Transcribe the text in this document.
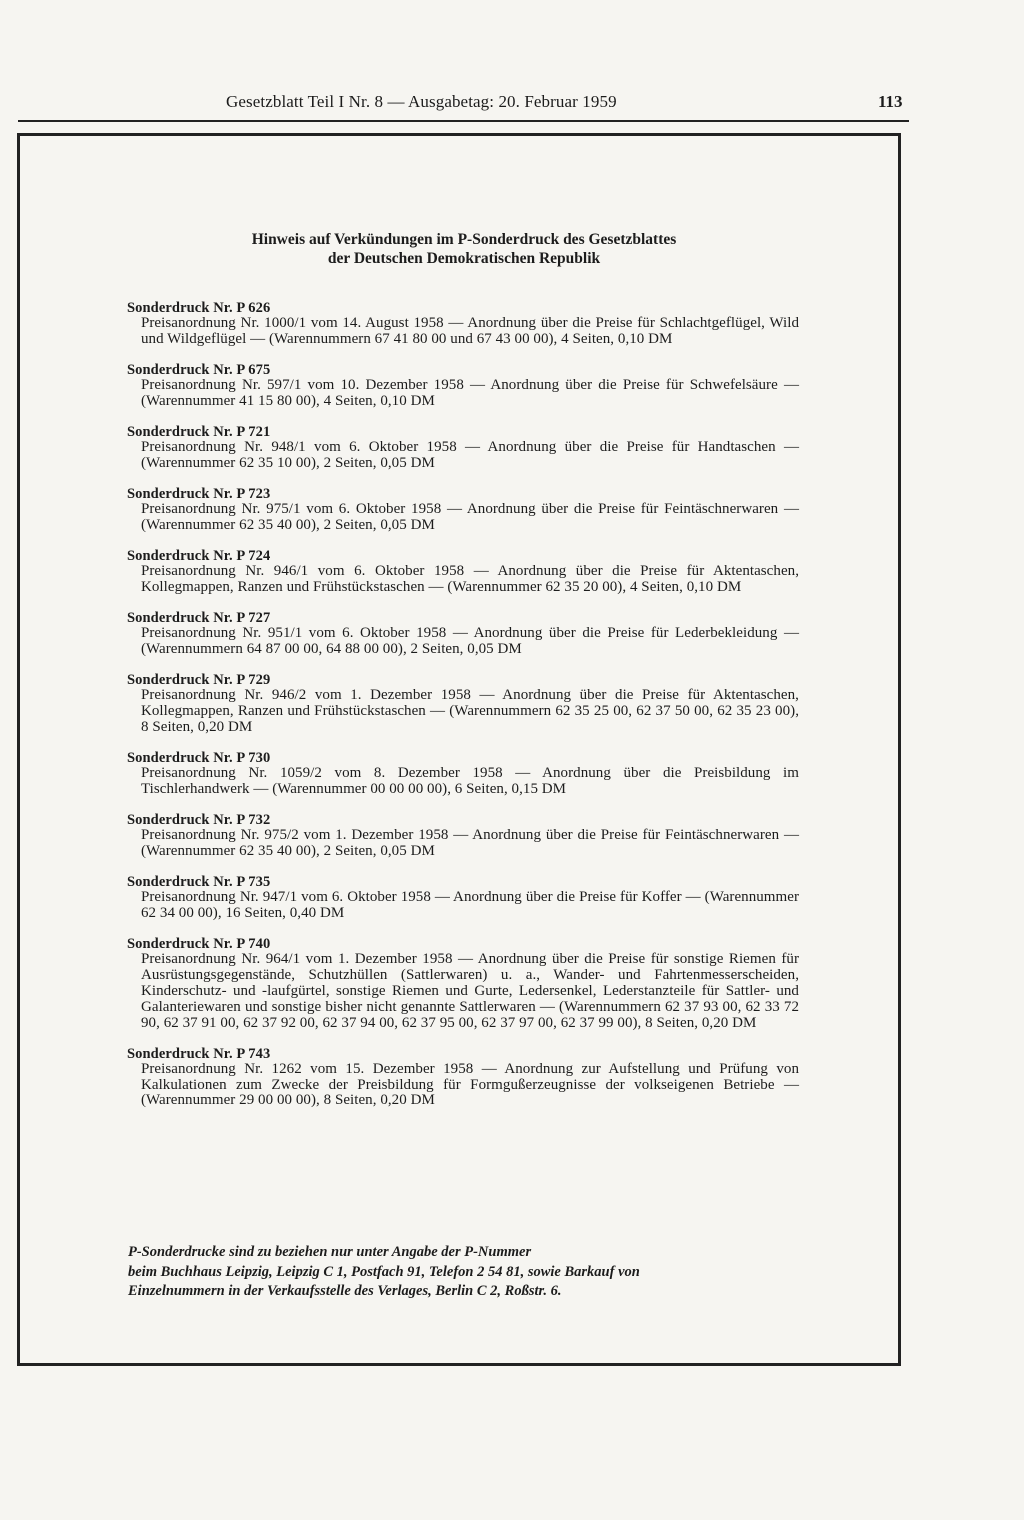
Gesetzblatt Teil I Nr. 8 — Ausgabetag: 20. Februar 1959	113
Hinweis auf Verkündungen im P-Sonderdruck des Gesetzblattes
der Deutschen Demokratischen Republik
Sonderdruck Nr. P 626
Preisanordnung Nr. 1000/1 vom 14. August 1958 — Anordnung über die Preise für Schlachtgeflügel, Wild und Wildgeflügel — (Warennummern 67 41 80 00 und 67 43 00 00), 4 Seiten, 0,10 DM
Sonderdruck Nr. P 675
Preisanordnung Nr. 597/1 vom 10. Dezember 1958 — Anordnung über die Preise für Schwefelsäure — (Warennummer 41 15 80 00), 4 Seiten, 0,10 DM
Sonderdruck Nr. P 721
Preisanordnung Nr. 948/1 vom 6. Oktober 1958 — Anordnung über die Preise für Handtaschen — (Warennummer 62 35 10 00), 2 Seiten, 0,05 DM
Sonderdruck Nr. P 723
Preisanordnung Nr. 975/1 vom 6. Oktober 1958 — Anordnung über die Preise für Feintäschnerwaren — (Warennummer 62 35 40 00), 2 Seiten, 0,05 DM
Sonderdruck Nr. P 724
Preisanordnung Nr. 946/1 vom 6. Oktober 1958 — Anordnung über die Preise für Aktentaschen, Kollegmappen, Ranzen und Frühstückstaschen — (Warennummer 62 35 20 00), 4 Seiten, 0,10 DM
Sonderdruck Nr. P 727
Preisanordnung Nr. 951/1 vom 6. Oktober 1958 — Anordnung über die Preise für Lederbekleidung — (Warennummern 64 87 00 00, 64 88 00 00), 2 Seiten, 0,05 DM
Sonderdruck Nr. P 729
Preisanordnung Nr. 946/2 vom 1. Dezember 1958 — Anordnung über die Preise für Aktentaschen, Kollegmappen, Ranzen und Frühstückstaschen — (Warennummern 62 35 25 00, 62 37 50 00, 62 35 23 00), 8 Seiten, 0,20 DM
Sonderdruck Nr. P 730
Preisanordnung Nr. 1059/2 vom 8. Dezember 1958 — Anordnung über die Preisbildung im Tischlerhandwerk — (Warennummer 00 00 00 00), 6 Seiten, 0,15 DM
Sonderdruck Nr. P 732
Preisanordnung Nr. 975/2 vom 1. Dezember 1958 — Anordnung über die Preise für Feintäschnerwaren — (Warennummer 62 35 40 00), 2 Seiten, 0,05 DM
Sonderdruck Nr. P 735
Preisanordnung Nr. 947/1 vom 6. Oktober 1958 — Anordnung über die Preise für Koffer — (Warennummer 62 34 00 00), 16 Seiten, 0,40 DM
Sonderdruck Nr. P 740
Preisanordnung Nr. 964/1 vom 1. Dezember 1958 — Anordnung über die Preise für sonstige Riemen für Ausrüstungsgegenstände, Schutzhüllen (Sattlerwaren) u. a., Wander- und Fahrtenmesserscheiden, Kinderschutz- und -laufgürtel, sonstige Riemen und Gurte, Ledersenkel, Lederstanzteile für Sattler- und Galanteriewaren und sonstige bisher nicht genannte Sattlerwaren — (Warennummern 62 37 93 00, 62 33 72 90, 62 37 91 00, 62 37 92 00, 62 37 94 00, 62 37 95 00, 62 37 97 00, 62 37 99 00), 8 Seiten, 0,20 DM
Sonderdruck Nr. P 743
Preisanordnung Nr. 1262 vom 15. Dezember 1958 — Anordnung zur Aufstellung und Prüfung von Kalkulationen zum Zwecke der Preisbildung für Formgußerzeugnisse der volkseigenen Betriebe — (Warennummer 29 00 00 00), 8 Seiten, 0,20 DM
P-Sonderdrucke sind zu beziehen nur unter Angabe der P-Nummer
beim Buchhaus Leipzig, Leipzig C 1, Postfach 91, Telefon 2 54 81, sowie Barkauf von
Einzelnummern in der Verkaufsstelle des Verlages, Berlin C 2, Roßstr. 6.
